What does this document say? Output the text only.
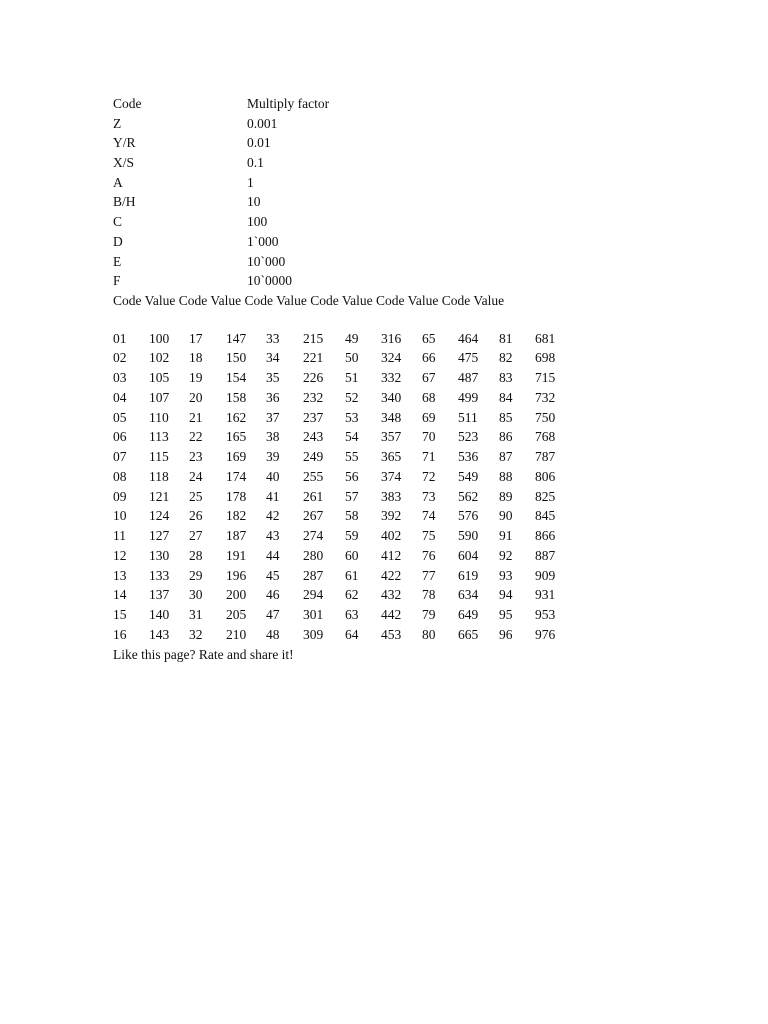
Code	Multiply factor
Z	0.001
Y/R	0.01
X/S	0.1
A	1
B/H	10
C	100
D	1`000
E	10`000
F	10`0000
Code Value Code Value Code Value Code Value Code Value Code Value
01 100 17 147 33 215 49 316 65 464 81 681
02 102 18 150 34 221 50 324 66 475 82 698
03 105 19 154 35 226 51 332 67 487 83 715
04 107 20 158 36 232 52 340 68 499 84 732
05 110 21 162 37 237 53 348 69 511 85 750
06 113 22 165 38 243 54 357 70 523 86 768
07 115 23 169 39 249 55 365 71 536 87 787
08 118 24 174 40 255 56 374 72 549 88 806
09 121 25 178 41 261 57 383 73 562 89 825
10 124 26 182 42 267 58 392 74 576 90 845
11 127 27 187 43 274 59 402 75 590 91 866
12 130 28 191 44 280 60 412 76 604 92 887
13 133 29 196 45 287 61 422 77 619 93 909
14 137 30 200 46 294 62 432 78 634 94 931
15 140 31 205 47 301 63 442 79 649 95 953
16 143 32 210 48 309 64 453 80 665 96 976
Like this page? Rate and share it!
